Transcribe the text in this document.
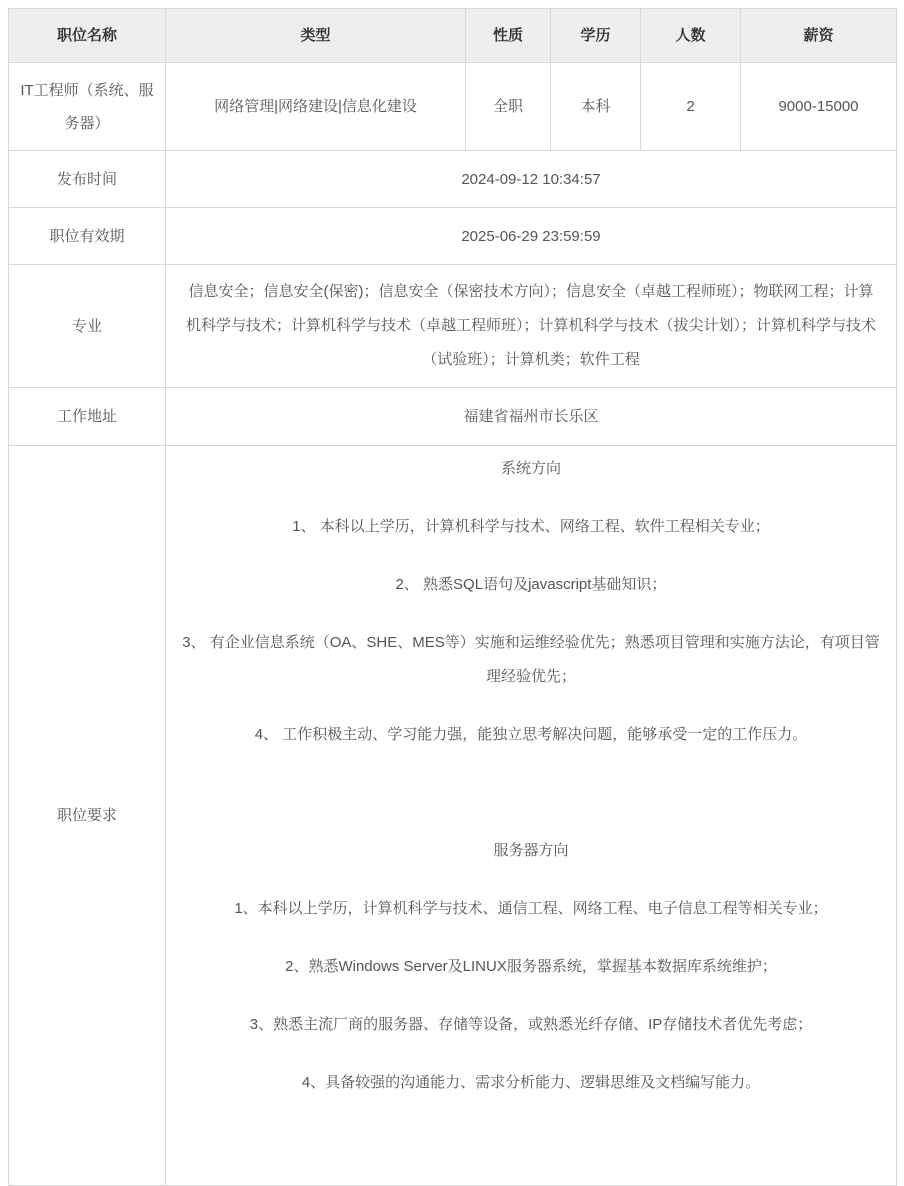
职位名称	类型	性质	学历	人数	薪资
IT工程师（系统、服务器）	网络管理|网络建设|信息化建设	全职	本科	2	9000-15000
发布时间	2024-09-12 10:34:57				
职位有效期	2025-06-29 23:59:59				
专业	信息安全；信息安全(保密)；信息安全（保密技术方向）；信息安全（卓越工程师班）；物联网工程；计算机科学与技术；计算机科学与技术（卓越工程师班）；计算机科学与技术（拔尖计划）；计算机科学与技术（试验班）；计算机类；软件工程				
工作地址	福建省福州市长乐区				
职位要求	

系统方向

1、 本科以上学历，计算机科学与技术、网络工程、软件工程相关专业；

2、 熟悉SQL语句及javascript基础知识；

3、 有企业信息系统（OA、SHE、MES等）实施和运维经验优先；熟悉项目管理和实施方法论，有项目管理经验优先；

4、 工作积极主动、学习能力强，能独立思考解决问题，能够承受一定的工作压力。

服务器方向

1、本科以上学历，计算机科学与技术、通信工程、网络工程、电子信息工程等相关专业；

2、熟悉Windows Server及LINUX服务器系统，掌握基本数据库系统维护；

3、熟悉主流厂商的服务器、存储等设备，或熟悉光纤存储、IP存储技术者优先考虑；

4、具备较强的沟通能力、需求分析能力、逻辑思维及文档编写能力。
